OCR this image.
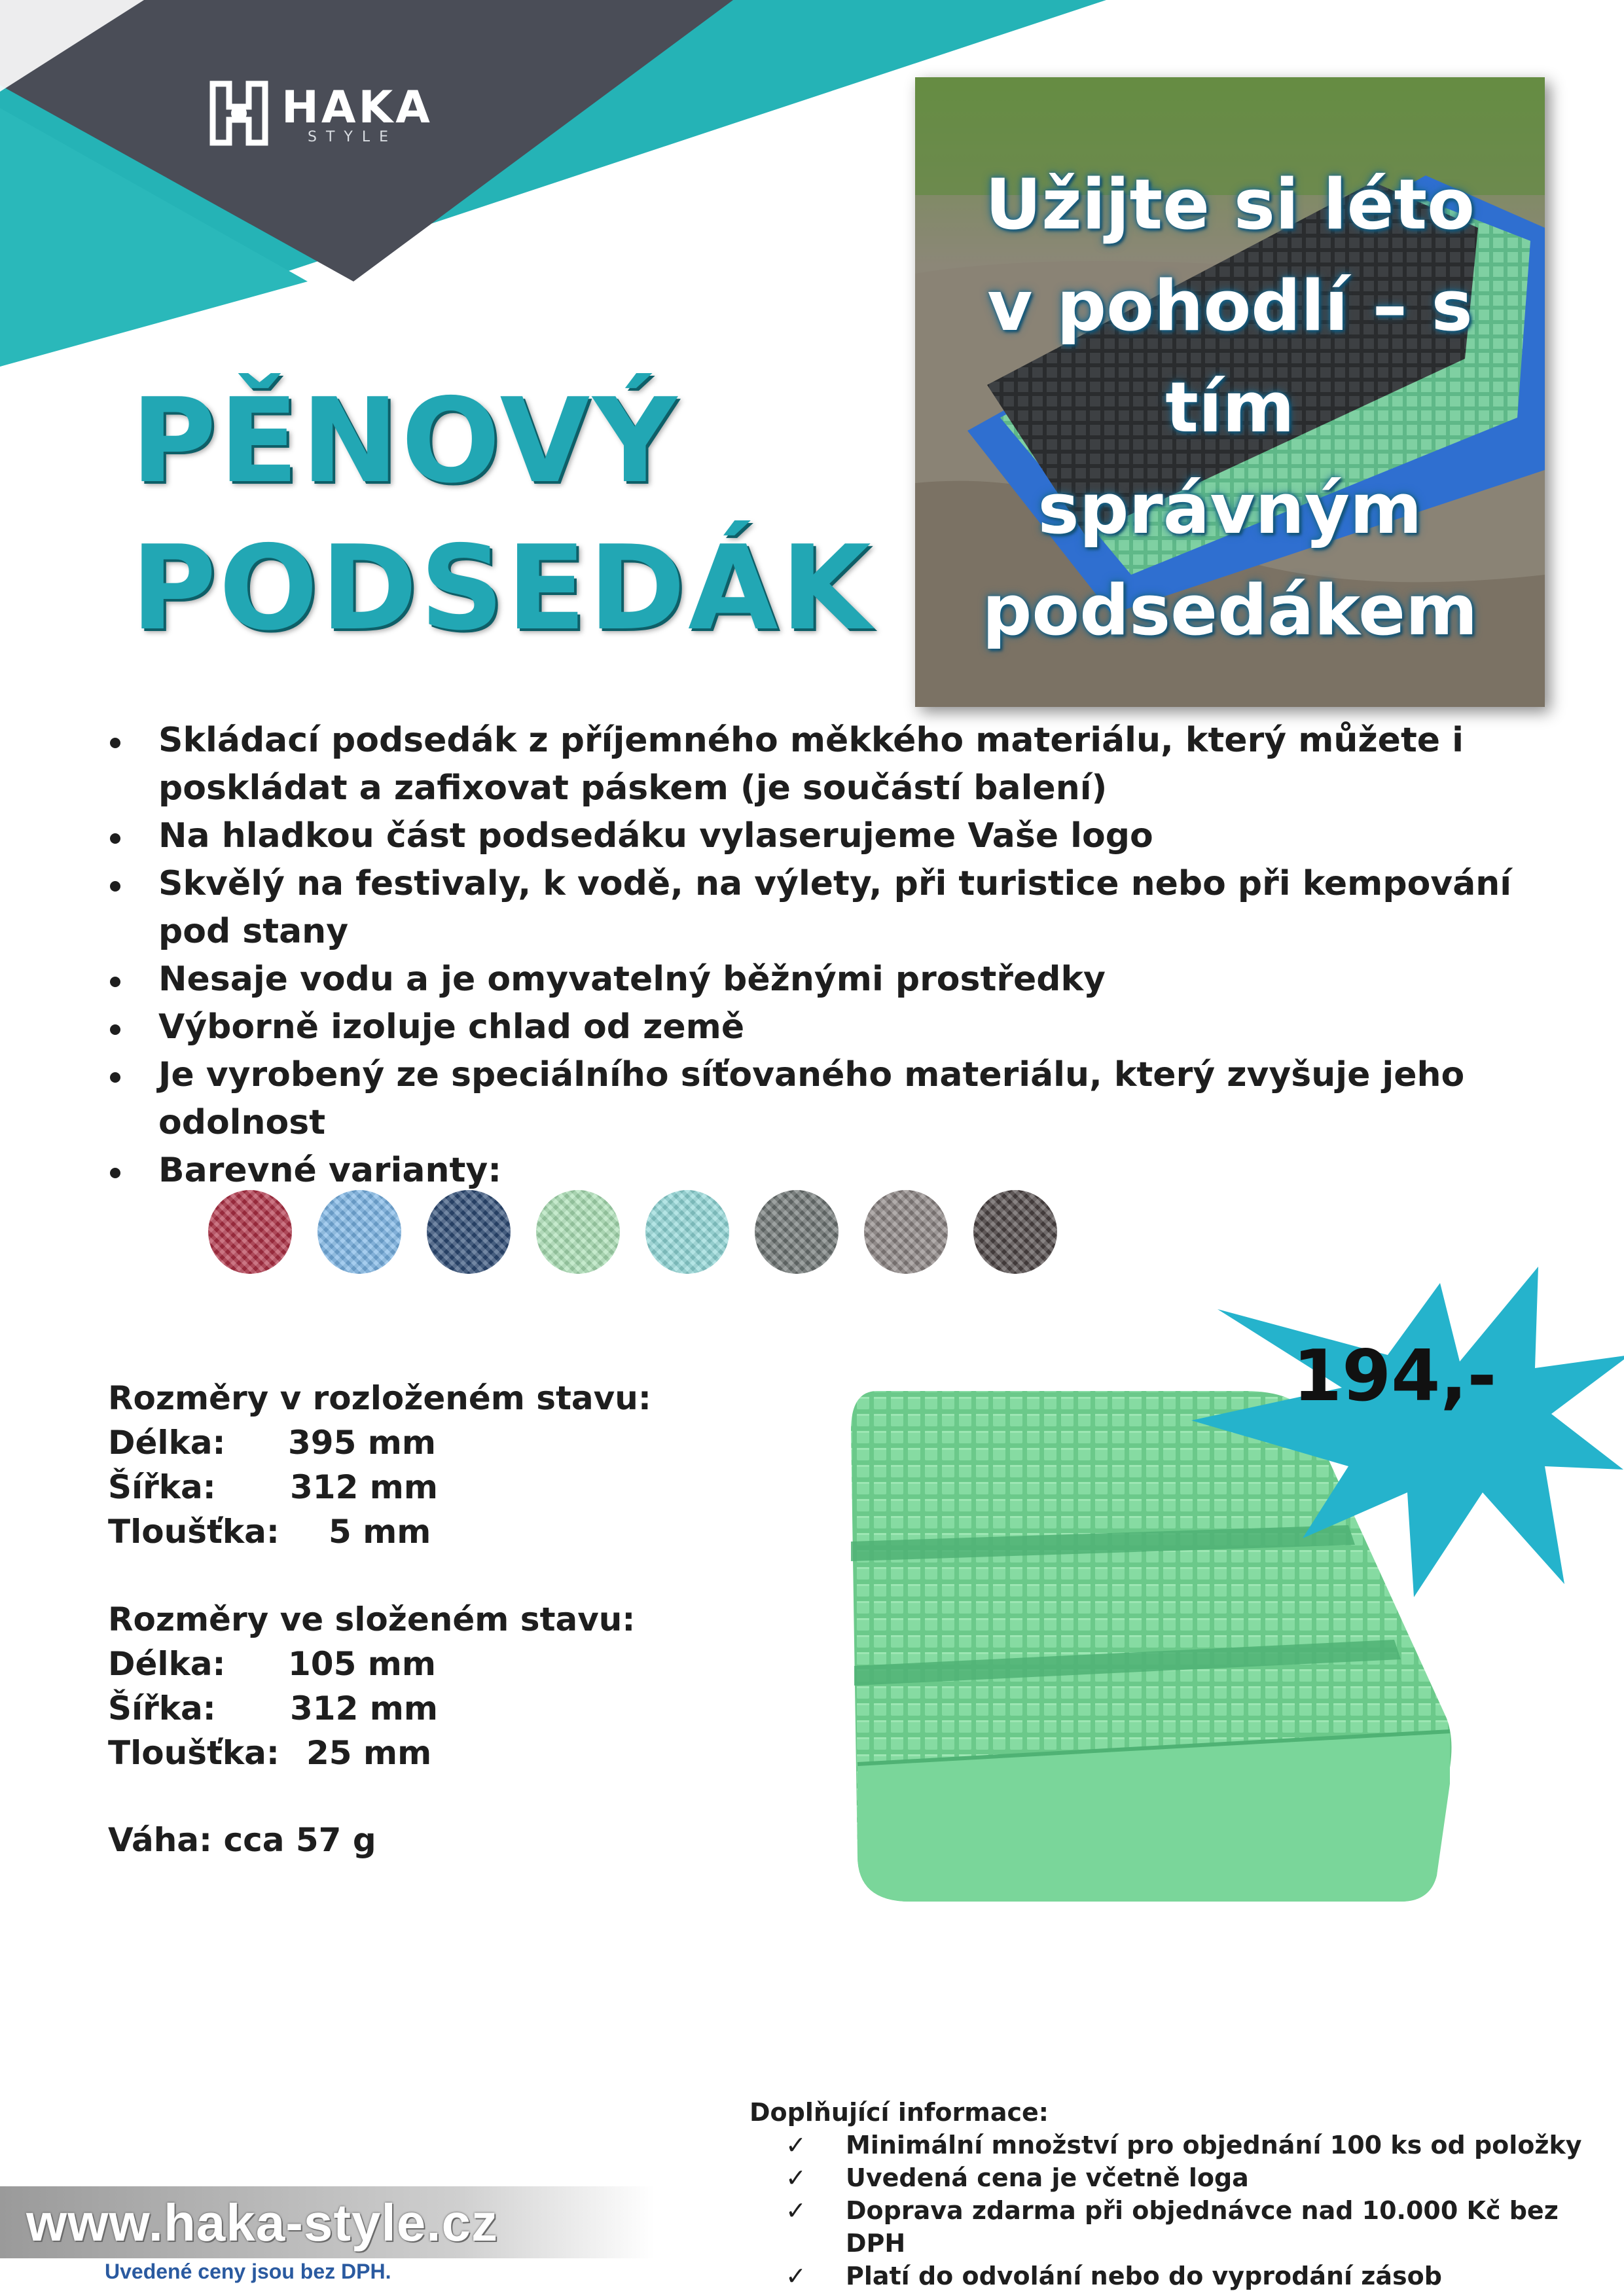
HAKA
STYLE
PĚNOVÝ
PODSEDÁK
Užijte si léto
v pohodlí – s tím
správným
podsedákem
Skládací podsedák z příjemného měkkého materiálu, který můžete i poskládat a zafixovat páskem (je součástí balení)
Na hladkou část podsedáku vylaserujeme Vaše logo
Skvělý na festivaly, k vodě, na výlety, při turistice nebo při kempování pod stany
Nesaje vodu a je omyvatelný běžnými prostředky
Výborně izoluje chlad od země
Je vyrobený ze speciálního síťovaného materiálu, který zvyšuje jeho odolnost
Barevné varianty:
Rozměry v rozloženém stavu:
Délka: 395 mm
Šířka: 312 mm
Tloušťka: 5 mm
Rozměry ve složeném stavu:
Délka: 105 mm
Šířka: 312 mm
Tloušťka: 25 mm
Váha: cca 57 g
194,-
Doplňující informace:
✓ Minimální množství pro objednání 100 ks od položky
✓ Uvedená cena je včetně loga
✓ Doprava zdarma při objednávce nad 10.000 Kč bez DPH
✓ Platí do odvolání nebo do vyprodání zásob
www.haka-style.cz
Uvedené ceny jsou bez DPH.
